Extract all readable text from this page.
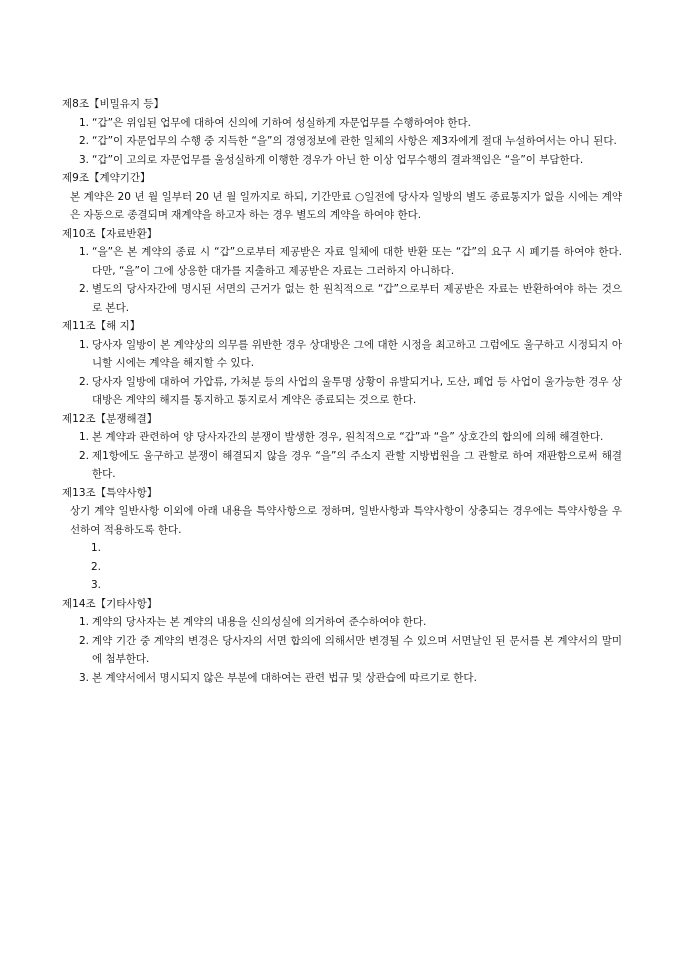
제8조【비밀유지 등】
1. “갑”은 위임된 업무에 대하여 신의에 기하여 성실하게 자문업무를 수행하여야 한다.
2. “갑”이 자문업무의 수행 중 지득한 “을”의 경영정보에 관한 일체의 사항은 제3자에게 절대 누설하여서는 아니 된다.
3. “갑”이 고의로 자문업무를 울성실하게 이행한 경우가 아닌 한 이상 업무수행의 결과책임은 “을”이 부담한다.
제9조【계약기간】
본 계약은 20 년 월 일부터 20 년 월 일까지로 하되, 기간만료 ○일전에 당사자 일방의 별도 종료통지가 없을 시에는 계약은 자동으로 종결되며 재계약을 하고자 하는 경우 별도의 계약을 하여야 한다.
제10조【자료반환】
1. “을”은 본 계약의 종료 시 “갑”으로부터 제공받은 자료 일체에 대한 반환 또는 “갑”의 요구 시 폐기를 하여야 한다. 다만, “을”이 그에 상응한 대가를 지출하고 제공받은 자료는 그러하지 아니하다.
2. 별도의 당사자간에 명시된 서면의 근거가 없는 한 원칙적으로 “갑”으로부터 제공받은 자료는 반환하여야 하는 것으로 본다.
제11조【해 지】
1. 당사자 일방이 본 계약상의 의무를 위반한 경우 상대방은 그에 대한 시정을 최고하고 그럼에도 울구하고 시정되지 아니할 시에는 계약을 해지할 수 있다.
2. 당사자 일방에 대하여 가압류, 가처분 등의 사업의 울투명 상황이 유발되거나, 도산, 폐업 등 사업이 울가능한 경우 상대방은 계약의 해지를 통지하고 통지로서 계약은 종료되는 것으로 한다.
제12조【분쟁해결】
1. 본 계약과 관련하여 양 당사자간의 분쟁이 발생한 경우, 원칙적으로 “갑”과 “을” 상호간의 합의에 의해 해결한다.
2. 제1항에도 울구하고 분쟁이 해결되지 않을 경우 “을”의 주소지 관할 지방법원을 그 관할로 하여 재판함으로써 해결한다.
제13조【특약사항】
상기 계약 일반사항 이외에 아래 내용을 특약사항으로 정하며, 일반사항과 특약사항이 상충되는 경우에는 특약사항을 우선하여 적용하도록 한다.
1.
2.
3.
제14조【기타사항】
1. 계약의 당사자는 본 계약의 내용을 신의성실에 의거하여 준수하여야 한다.
2. 계약 기간 중 계약의 변경은 당사자의 서면 합의에 의해서만 변경될 수 있으며 서면날인 된 문서를 본 계약서의 말미에 첨부한다.
3. 본 계약서에서 명시되지 않은 부분에 대하여는 관련 법규 및 상관습에 따르기로 한다.
